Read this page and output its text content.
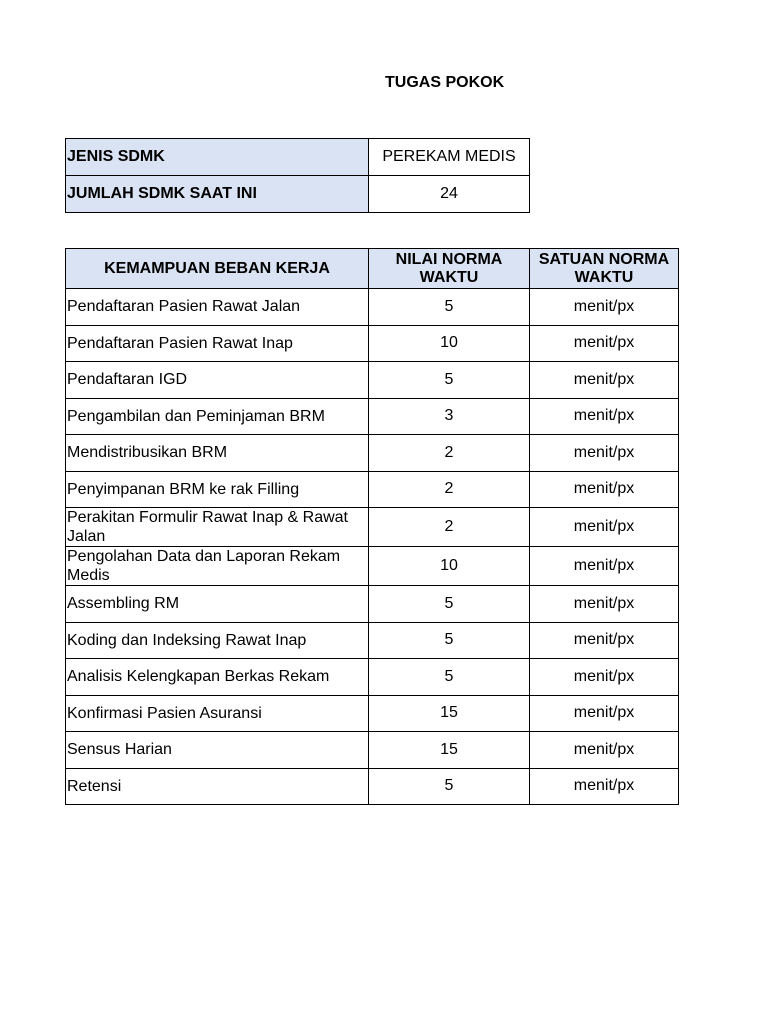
TUGAS POKOK
JENIS SDMK	PEREKAM MEDIS
JUMLAH SDMK SAAT INI	24
KEMAMPUAN BEBAN KERJA	NILAI NORMA WAKTU	SATUAN NORMA WAKTU
Pendaftaran Pasien Rawat Jalan	5	menit/px
Pendaftaran Pasien Rawat Inap	10	menit/px
Pendaftaran IGD	5	menit/px
Pengambilan dan Peminjaman BRM	3	menit/px
Mendistribusikan BRM	2	menit/px
Penyimpanan BRM ke rak Filling	2	menit/px
Perakitan Formulir Rawat Inap & Rawat Jalan	2	menit/px
Pengolahan Data dan Laporan Rekam Medis	10	menit/px
Assembling RM	5	menit/px
Koding dan Indeksing Rawat Inap	5	menit/px
Analisis Kelengkapan Berkas Rekam	5	menit/px
Konfirmasi Pasien Asuransi	15	menit/px
Sensus Harian	15	menit/px
Retensi	5	menit/px
